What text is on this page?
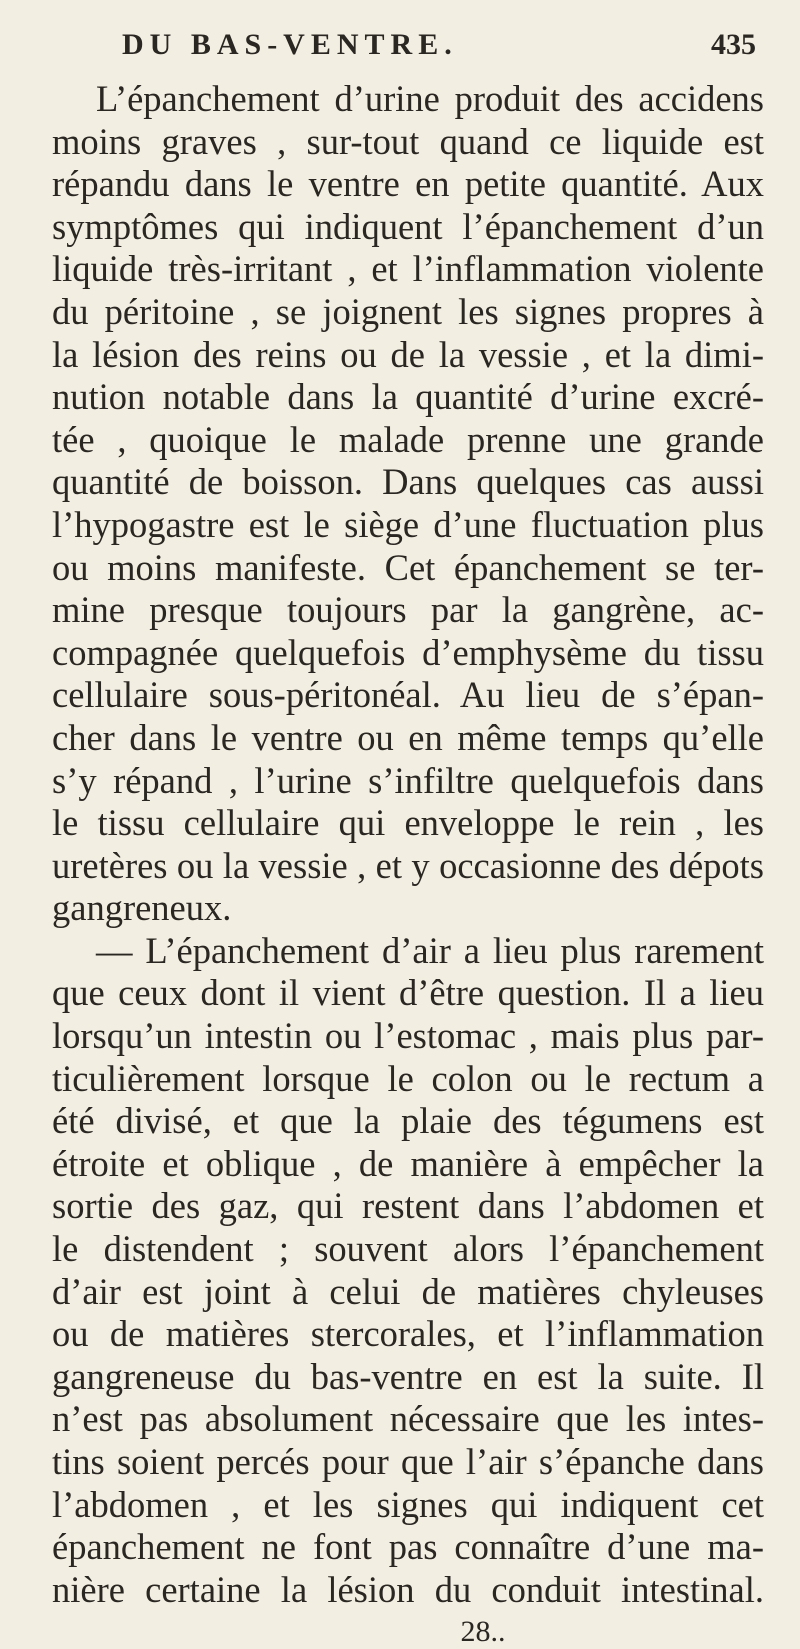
DU BAS-VENTRE.	435
L’épanchement d’urine produit des accidens
moins graves , sur-tout quand ce liquide est
répandu dans le ventre en petite quantité. Aux
symptômes qui indiquent l’épanchement d’un
liquide très-irritant , et l’inflammation violente
du péritoine , se joignent les signes propres à
la lésion des reins ou de la vessie , et la dimi-
nution notable dans la quantité d’urine excré-
tée , quoique le malade prenne une grande
quantité de boisson. Dans quelques cas aussi
l’hypogastre est le siège d’une fluctuation plus
ou moins manifeste. Cet épanchement se ter-
mine presque toujours par la gangrène, ac-
compagnée quelquefois d’emphysème du tissu
cellulaire sous-péritonéal. Au lieu de s’épan-
cher dans le ventre ou en même temps qu’elle
s’y répand , l’urine s’infiltre quelquefois dans
le tissu cellulaire qui enveloppe le rein , les
uretères ou la vessie , et y occasionne des dépots
gangreneux.
— L’épanchement d’air a lieu plus rarement
que ceux dont il vient d’être question. Il a lieu
lorsqu’un intestin ou l’estomac , mais plus par-
ticulièrement lorsque le colon ou le rectum a
été divisé, et que la plaie des tégumens est
étroite et oblique , de manière à empêcher la
sortie des gaz, qui restent dans l’abdomen et
le distendent ; souvent alors l’épanchement
d’air est joint à celui de matières chyleuses
ou de matières stercorales, et l’inflammation
gangreneuse du bas-ventre en est la suite. Il
n’est pas absolument nécessaire que les intes-
tins soient percés pour que l’air s’épanche dans
l’abdomen , et les signes qui indiquent cet
épanchement ne font pas connaître d’une ma-
nière certaine la lésion du conduit intestinal.
28..
